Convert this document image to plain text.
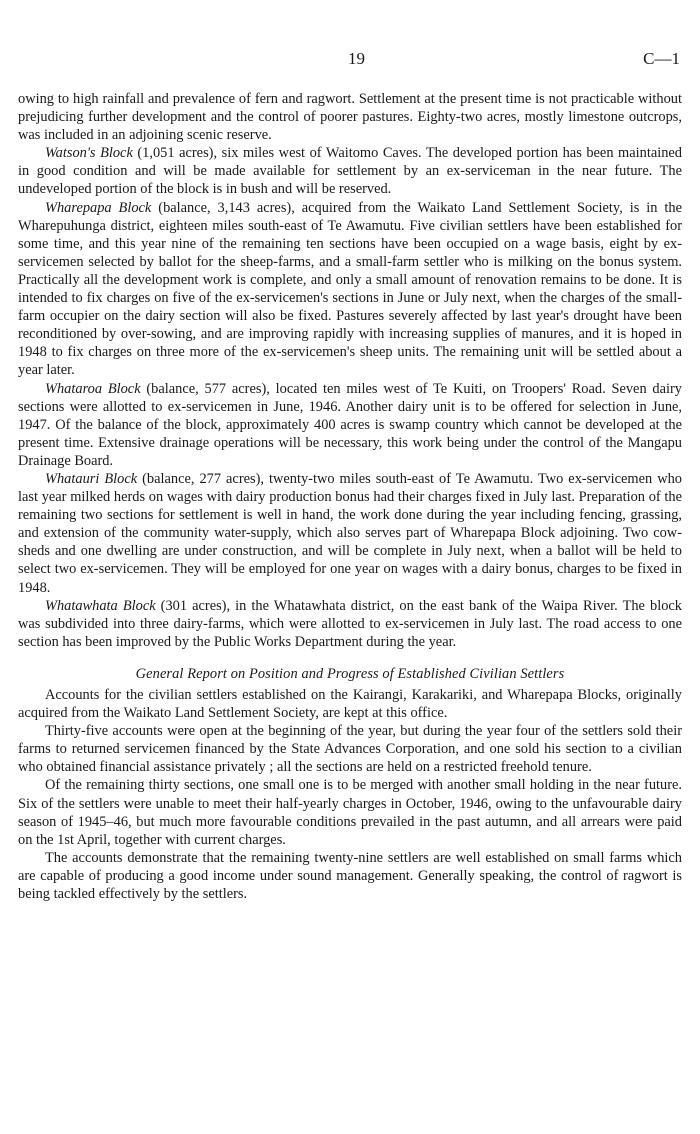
19	C—1

owing to high rainfall and prevalence of fern and ragwort. Settlement at the present time is not practicable without prejudicing further development and the control of poorer pastures. Eighty-two acres, mostly limestone outcrops, was included in an adjoining scenic reserve.

Watson's Block (1,051 acres), six miles west of Waitomo Caves. The developed portion has been maintained in good condition and will be made available for settlement by an ex-serviceman in the near future. The undeveloped portion of the block is in bush and will be reserved.

Wharepapa Block (balance, 3,143 acres), acquired from the Waikato Land Settlement Society, is in the Wharepuhunga district, eighteen miles south-east of Te Awamutu. Five civilian settlers have been established for some time, and this year nine of the remaining ten sections have been occupied on a wage basis, eight by ex-servicemen selected by ballot for the sheep-farms, and a small-farm settler who is milking on the bonus system. Practically all the development work is complete, and only a small amount of renovation remains to be done. It is intended to fix charges on five of the ex-servicemen's sections in June or July next, when the charges of the small-farm occupier on the dairy section will also be fixed. Pastures severely affected by last year's drought have been reconditioned by over-sowing, and are improving rapidly with increasing supplies of manures, and it is hoped in 1948 to fix charges on three more of the ex-servicemen's sheep units. The remaining unit will be settled about a year later.

Whataroa Block (balance, 577 acres), located ten miles west of Te Kuiti, on Troopers' Road. Seven dairy sections were allotted to ex-servicemen in June, 1946. Another dairy unit is to be offered for selection in June, 1947. Of the balance of the block, approximately 400 acres is swamp country which cannot be developed at the present time. Extensive drainage operations will be necessary, this work being under the control of the Mangapu Drainage Board.

Whatauri Block (balance, 277 acres), twenty-two miles south-east of Te Awamutu. Two ex-servicemen who last year milked herds on wages with dairy production bonus had their charges fixed in July last. Preparation of the remaining two sections for settlement is well in hand, the work done during the year including fencing, grassing, and extension of the community water-supply, which also serves part of Wharepapa Block adjoining. Two cow-sheds and one dwelling are under construction, and will be complete in July next, when a ballot will be held to select two ex-servicemen. They will be employed for one year on wages with a dairy bonus, charges to be fixed in 1948.

Whatawhata Block (301 acres), in the Whatawhata district, on the east bank of the Waipa River. The block was subdivided into three dairy-farms, which were allotted to ex-servicemen in July last. The road access to one section has been improved by the Public Works Department during the year.

General Report on Position and Progress of Established Civilian Settlers

Accounts for the civilian settlers established on the Kairangi, Karakariki, and Wharepapa Blocks, originally acquired from the Waikato Land Settlement Society, are kept at this office.

Thirty-five accounts were open at the beginning of the year, but during the year four of the settlers sold their farms to returned servicemen financed by the State Advances Corporation, and one sold his section to a civilian who obtained financial assistance privately ; all the sections are held on a restricted freehold tenure.

Of the remaining thirty sections, one small one is to be merged with another small holding in the near future. Six of the settlers were unable to meet their half-yearly charges in October, 1946, owing to the unfavourable dairy season of 1945–46, but much more favourable conditions prevailed in the past autumn, and all arrears were paid on the 1st April, together with current charges.

The accounts demonstrate that the remaining twenty-nine settlers are well established on small farms which are capable of producing a good income under sound management. Generally speaking, the control of ragwort is being tackled effectively by the settlers.
